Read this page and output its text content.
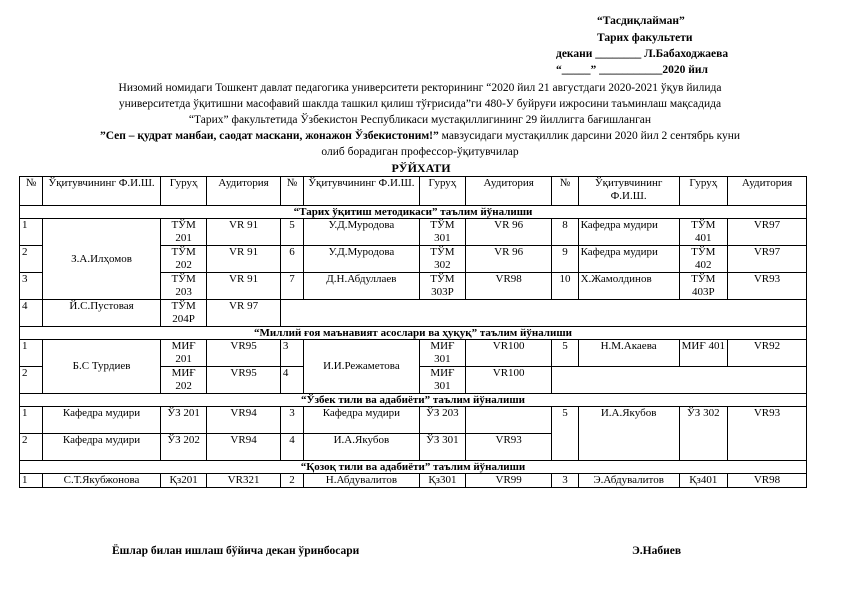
“Тасдиқлайман”
Тарих факультети
декани ________ Л.Бабаходжаева
“_____” ___________2020 йил
Низомий номидаги Тошкент давлат педагогика университети ректорининг “2020 йил 21 августдаги 2020-2021 ўқув йилида
университетда ўқитишни масофавий шаклда ташкил қилиш тўғрисида”ги 480-У буйруғи ижросини таъминлаш мақсадида
“Тарих” факультетида Ўзбекистон Республикаси мустақиллигининг 29 йиллигга бағишланган
”Сеп – қудрат манбаи, саодат маскани, жонажон Ўзбекистоним!” мавзусидаги мустақиллик дарсини 2020 йил 2 сентябрь куни
олиб борадиган профессор-ўқитувчилар
РЎЙХАТИ
№	Ўқитувчининг Ф.И.Ш.	Гуруҳ	Аудитория	№	Ўқитувчининг Ф.И.Ш.	Гуруҳ	Аудитория	№	Ўқитувчининг Ф.И.Ш.	Гуруҳ	Аудитория
“Тарих ўқитиш методикаси” таълим йўналиши											
1	З.А.Илҳомов	ТЎМ 201	VR 91	5	У.Д.Муродова	ТЎМ 301	VR 96	8	Кафедра мудири	ТЎМ 401	VR97
2		ТЎМ 202	VR 91	6	У.Д.Муродова	ТЎМ 302	VR 96	9	Кафедра мудири	ТЎМ 402	VR97
3		ТЎМ 203	VR 91	7	Д.Н.Абдуллаев	ТЎМ 303Р	VR98	10	Х.Жамолдинов	ТЎМ 403Р	VR93
4	Й.С.Пустовая	ТЎМ 204Р	VR 97								
“Миллий ғоя маънавият асослари ва ҳуқуқ” таълим йўналиши											
1	Б.С Турдиев	МИҒ 201	VR95	3	И.И.Режаметова	МИҒ 301	VR100	5	Н.М.Акаева	МИҒ 401	VR92
2		МИҒ 202	VR95	4		МИҒ 301	VR100				
“Ўзбек тили ва адабиёти” таълим йўналиши											
1	Кафедра мудири	ЎЗ 201	VR94	3	Кафедра мудири	ЎЗ 203		5	И.А.Якубов	ЎЗ 302	VR93
2	Кафедра мудири	ЎЗ 202	VR94	4	И.А.Якубов	ЎЗ 301	VR93				
“Қозоқ тили ва адабиёти” таълим йўналиши											
1	С.Т.Якубжонова	Қз201	VR321	2	Н.Абдувалитов	Қз301	VR99	3	Э.Абдувалитов	Қз401	VR98
Ёшлар билан ишлаш бўйича декан ўринбосари	Э.Набиев
